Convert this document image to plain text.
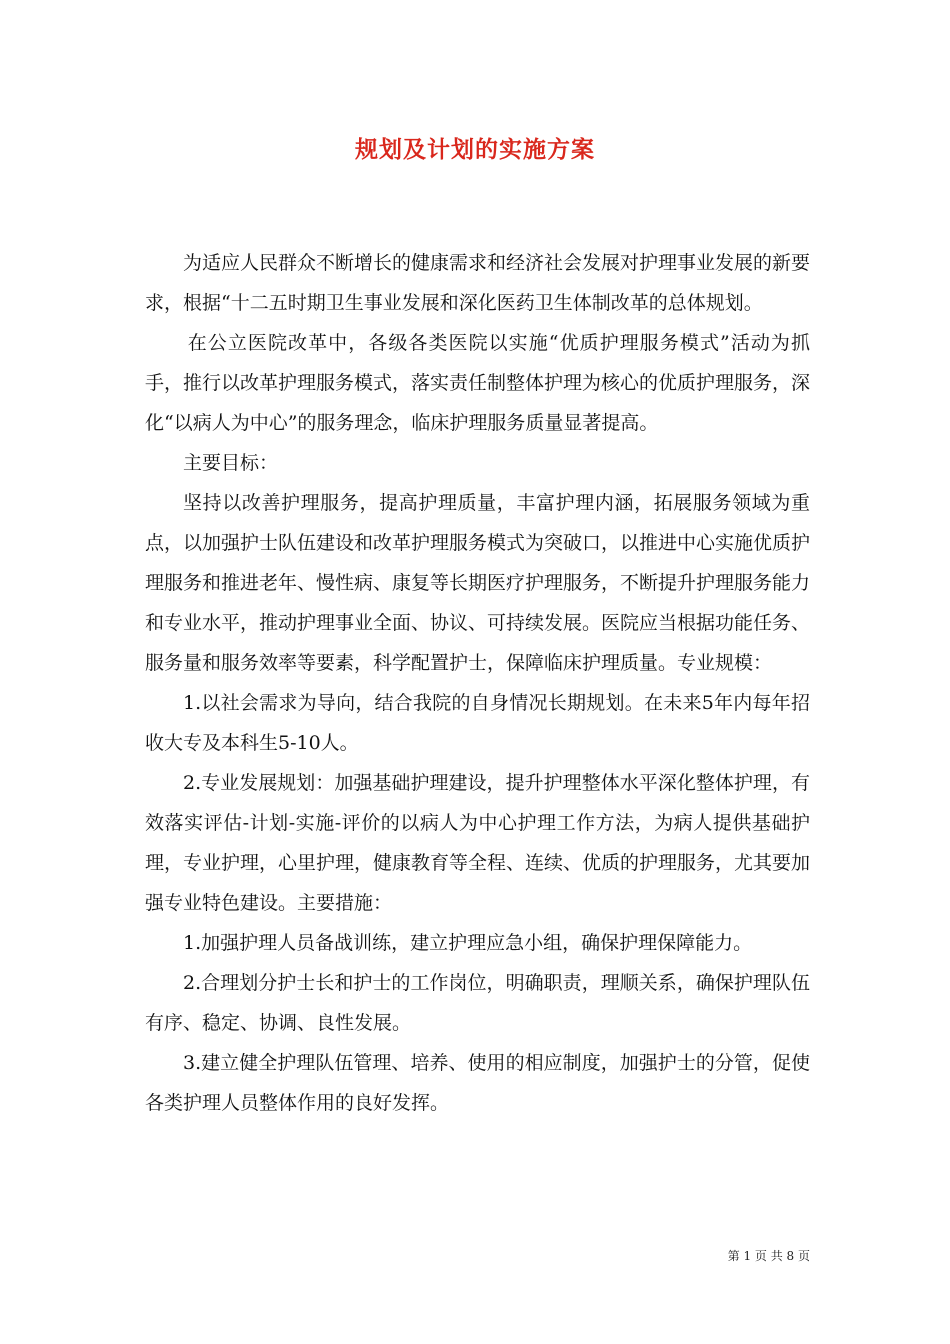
规划及计划的实施方案

为适应人民群众不断增长的健康需求和经济社会发展对护理事业发展的新要求，根据“十二五时期卫生事业发展和深化医药卫生体制改革的总体规划。

在公立医院改革中，各级各类医院以实施“优质护理服务模式”活动为抓手，推行以改革护理服务模式，落实责任制整体护理为核心的优质护理服务，深化“以病人为中心”的服务理念，临床护理服务质量显著提高。

主要目标：

坚持以改善护理服务，提高护理质量，丰富护理内涵，拓展服务领域为重点，以加强护士队伍建设和改革护理服务模式为突破口，以推进中心实施优质护理服务和推进老年、慢性病、康复等长期医疗护理服务，不断提升护理服务能力和专业水平，推动护理事业全面、协议、可持续发展。医院应当根据功能任务、服务量和服务效率等要素，科学配置护士，保障临床护理质量。专业规模：

1.以社会需求为导向，结合我院的自身情况长期规划。在未来5年内每年招收大专及本科生5-10人。

2.专业发展规划：加强基础护理建设，提升护理整体水平深化整体护理，有效落实评估-计划-实施-评价的以病人为中心护理工作方法，为病人提供基础护理，专业护理，心里护理，健康教育等全程、连续、优质的护理服务，尤其要加强专业特色建设。主要措施：

1.加强护理人员备战训练，建立护理应急小组，确保护理保障能力。

2.合理划分护士长和护士的工作岗位，明确职责，理顺关系，确保护理队伍有序、稳定、协调、良性发展。

3.建立健全护理队伍管理、培养、使用的相应制度，加强护士的分管，促使各类护理人员整体作用的良好发挥。

第 1 页 共 8 页
